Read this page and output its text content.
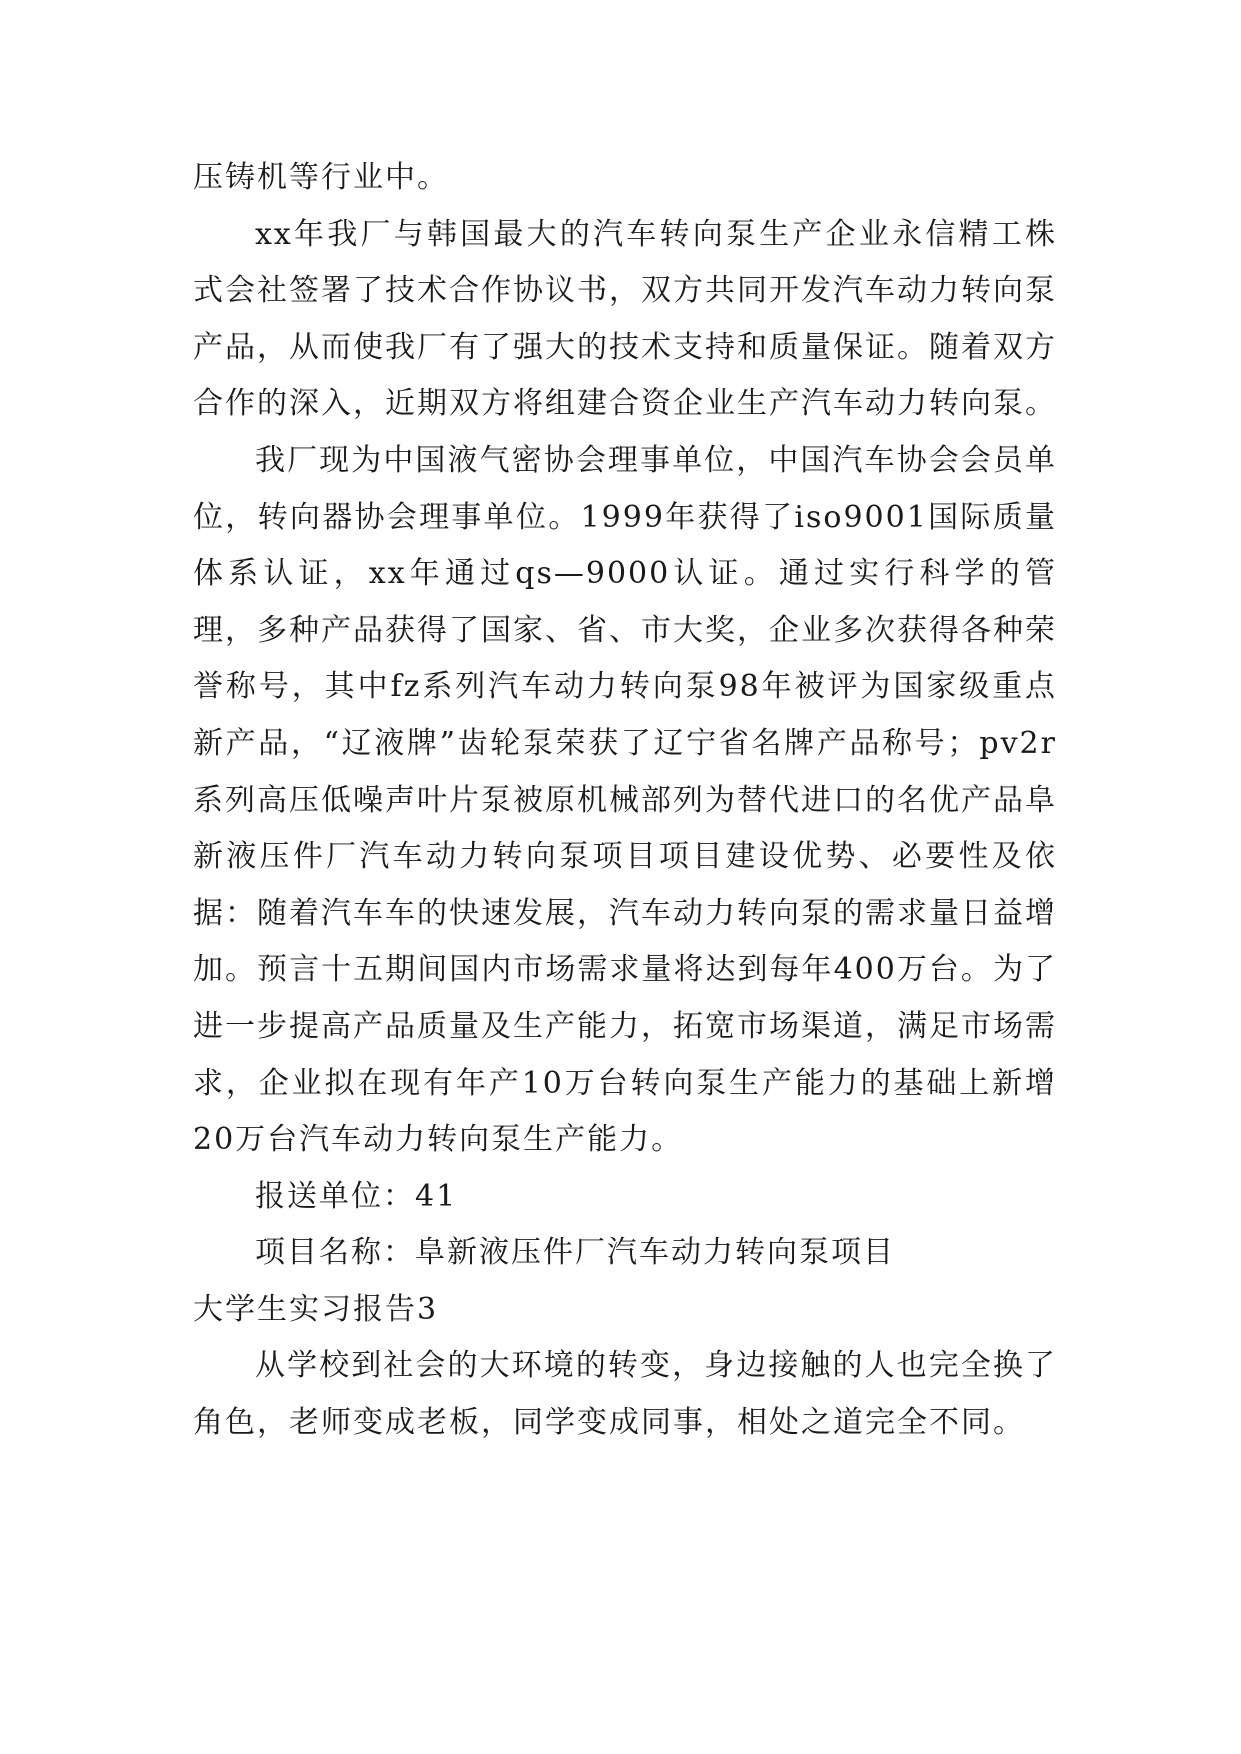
压铸机等行业中。

xx年我厂与韩国最大的汽车转向泵生产企业永信精工株式会社签署了技术合作协议书，双方共同开发汽车动力转向泵产品，从而使我厂有了强大的技术支持和质量保证。随着双方合作的深入，近期双方将组建合资企业生产汽车动力转向泵。

我厂现为中国液气密协会理事单位，中国汽车协会会员单位，转向器协会理事单位。1999年获得了iso9001国际质量体系认证，xx年通过qs—9000认证。通过实行科学的管理，多种产品获得了国家、省、市大奖，企业多次获得各种荣誉称号，其中fz系列汽车动力转向泵98年被评为国家级重点新产品，“辽液牌”齿轮泵荣获了辽宁省名牌产品称号；pv2r系列高压低噪声叶片泵被原机械部列为替代进口的名优产品阜新液压件厂汽车动力转向泵项目项目建设优势、必要性及依据：随着汽车车的快速发展，汽车动力转向泵的需求量日益增加。预言十五期间国内市场需求量将达到每年400万台。为了进一步提高产品质量及生产能力，拓宽市场渠道，满足市场需求，企业拟在现有年产10万台转向泵生产能力的基础上新增20万台汽车动力转向泵生产能力。

报送单位：41

项目名称：阜新液压件厂汽车动力转向泵项目

大学生实习报告3

从学校到社会的大环境的转变，身边接触的人也完全换了角色，老师变成老板，同学变成同事，相处之道完全不同。
